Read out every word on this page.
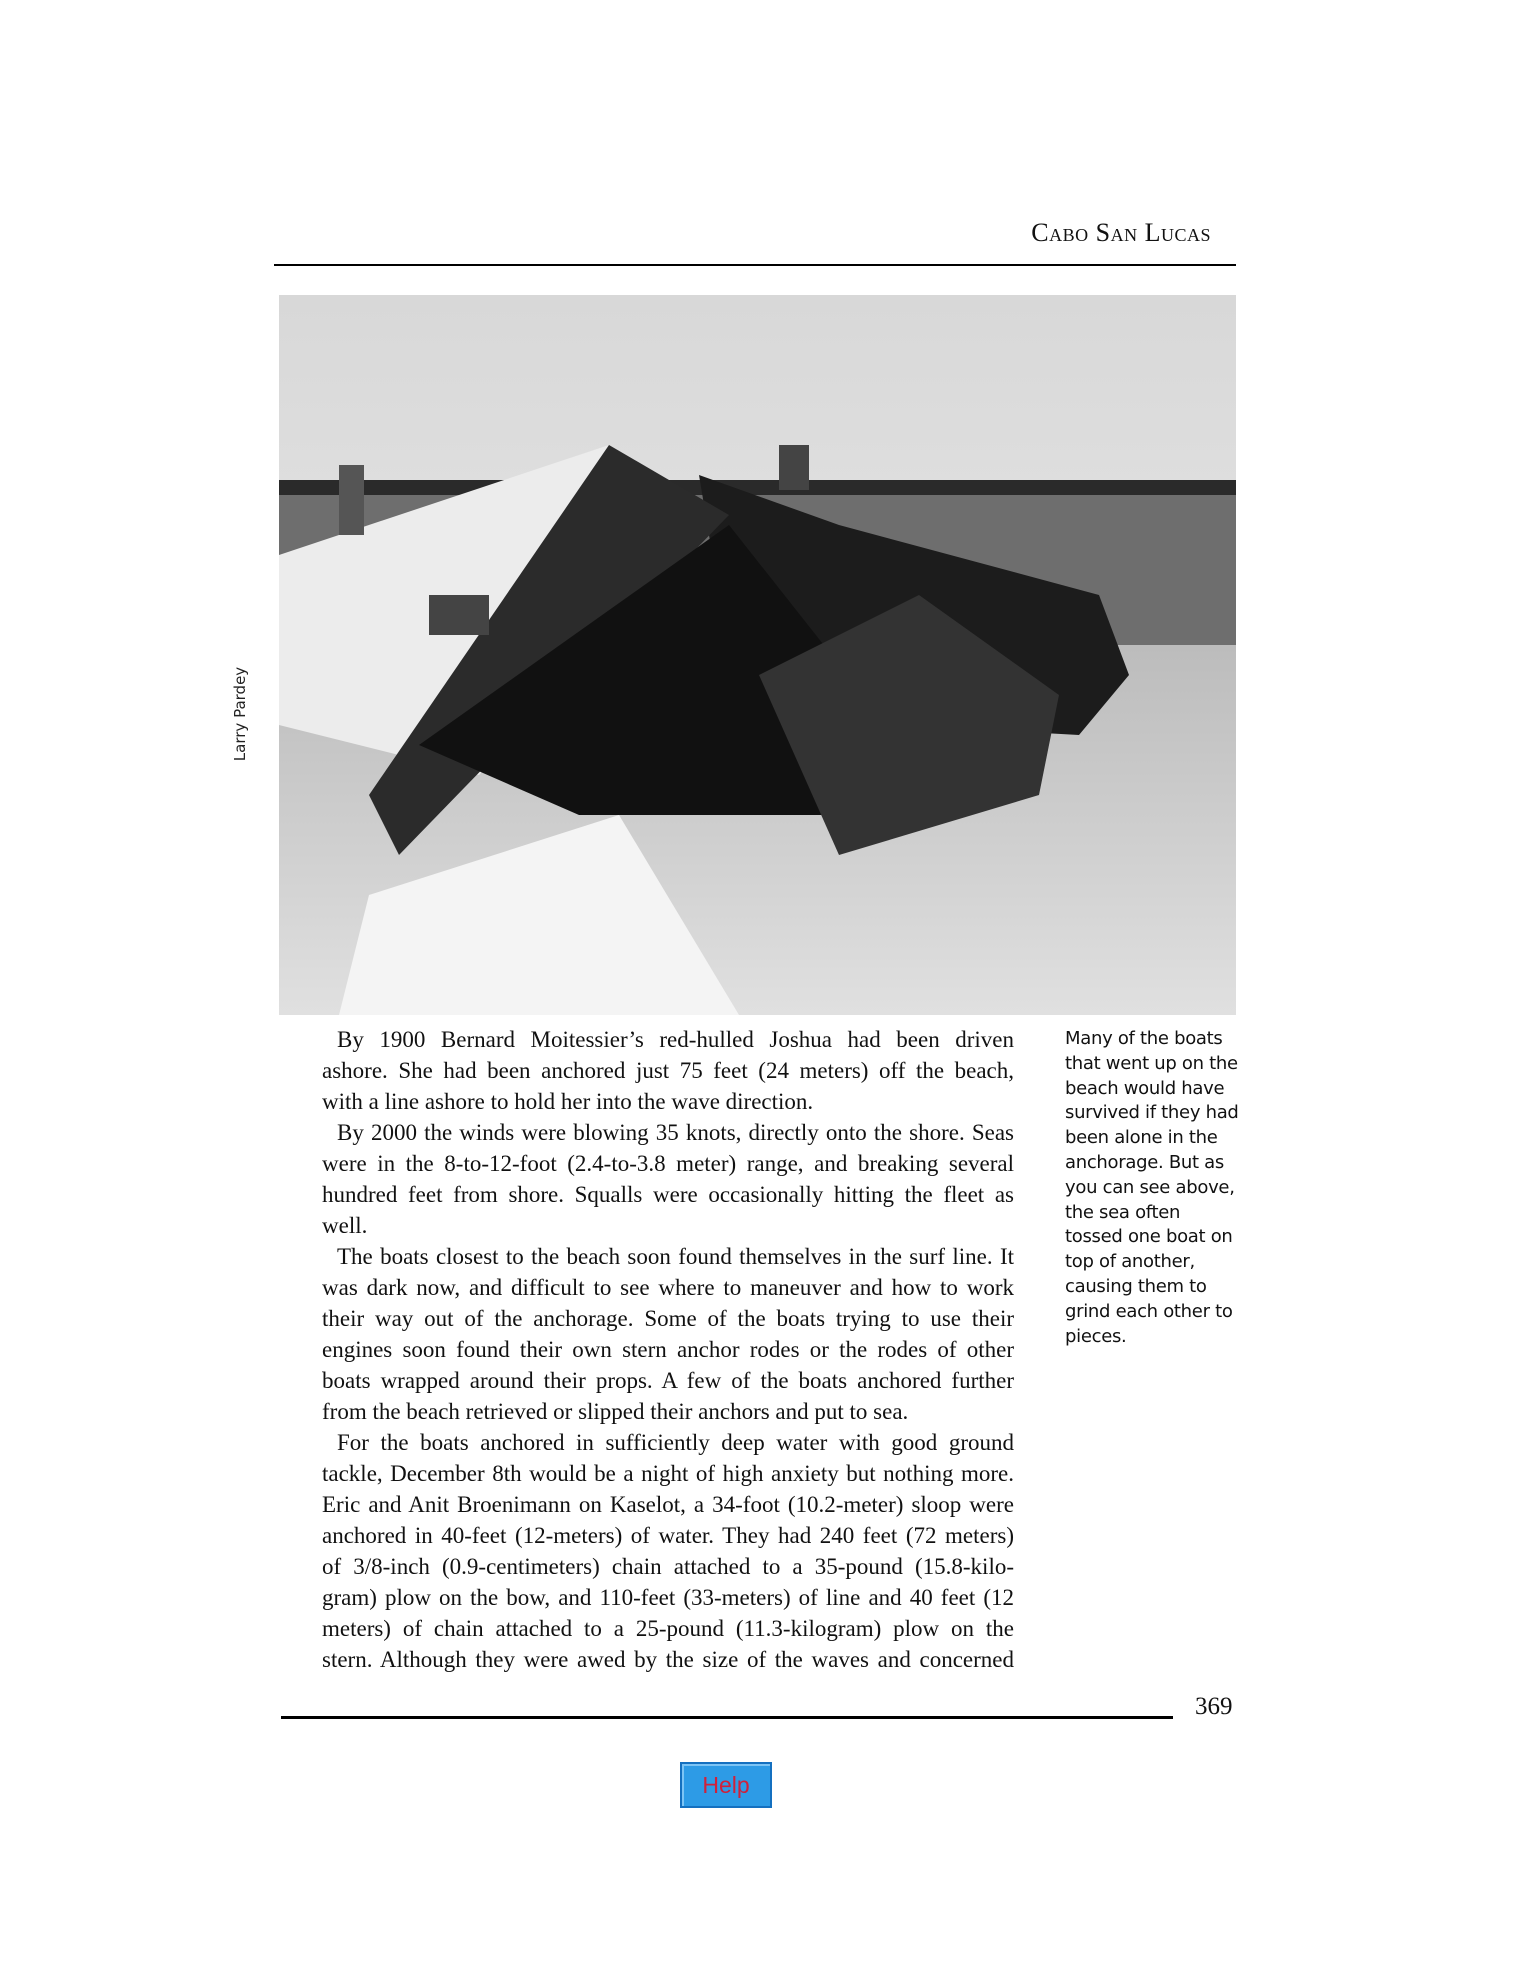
Cabo San Lucas
Larry Pardey
By 1900 Bernard Moitessier’s red-hulled Joshua had been driven
ashore. She had been anchored just 75 feet (24 meters) off the beach,
with a line ashore to hold her into the wave direction.
By 2000 the winds were blowing 35 knots, directly onto the shore. Seas
were in the 8-to-12-foot (2.4-to-3.8 meter) range, and breaking several
hundred feet from shore. Squalls were occasionally hitting the fleet as
well.
The boats closest to the beach soon found themselves in the surf line. It
was dark now, and difficult to see where to maneuver and how to work
their way out of the anchorage. Some of the boats trying to use their
engines soon found their own stern anchor rodes or the rodes of other
boats wrapped around their props. A few of the boats anchored further
from the beach retrieved or slipped their anchors and put to sea.
For the boats anchored in sufficiently deep water with good ground
tackle, December 8th would be a night of high anxiety but nothing more.
Eric and Anit Broenimann on Kaselot, a 34-foot (10.2-meter) sloop were
anchored in 40-feet (12-meters) of water. They had 240 feet (72 meters)
of 3/8-inch (0.9-centimeters) chain attached to a 35-pound (15.8-kilo-
gram) plow on the bow, and 110-feet (33-meters) of line and 40 feet (12
meters) of chain attached to a 25-pound (11.3-kilogram) plow on the
stern. Although they were awed by the size of the waves and concerned
Many of the boats
that went up on the
beach would have
survived if they had
been alone in the
anchorage. But as
you can see above,
the sea often
tossed one boat on
top of another,
causing them to
grind each other to
pieces.
369
Help
